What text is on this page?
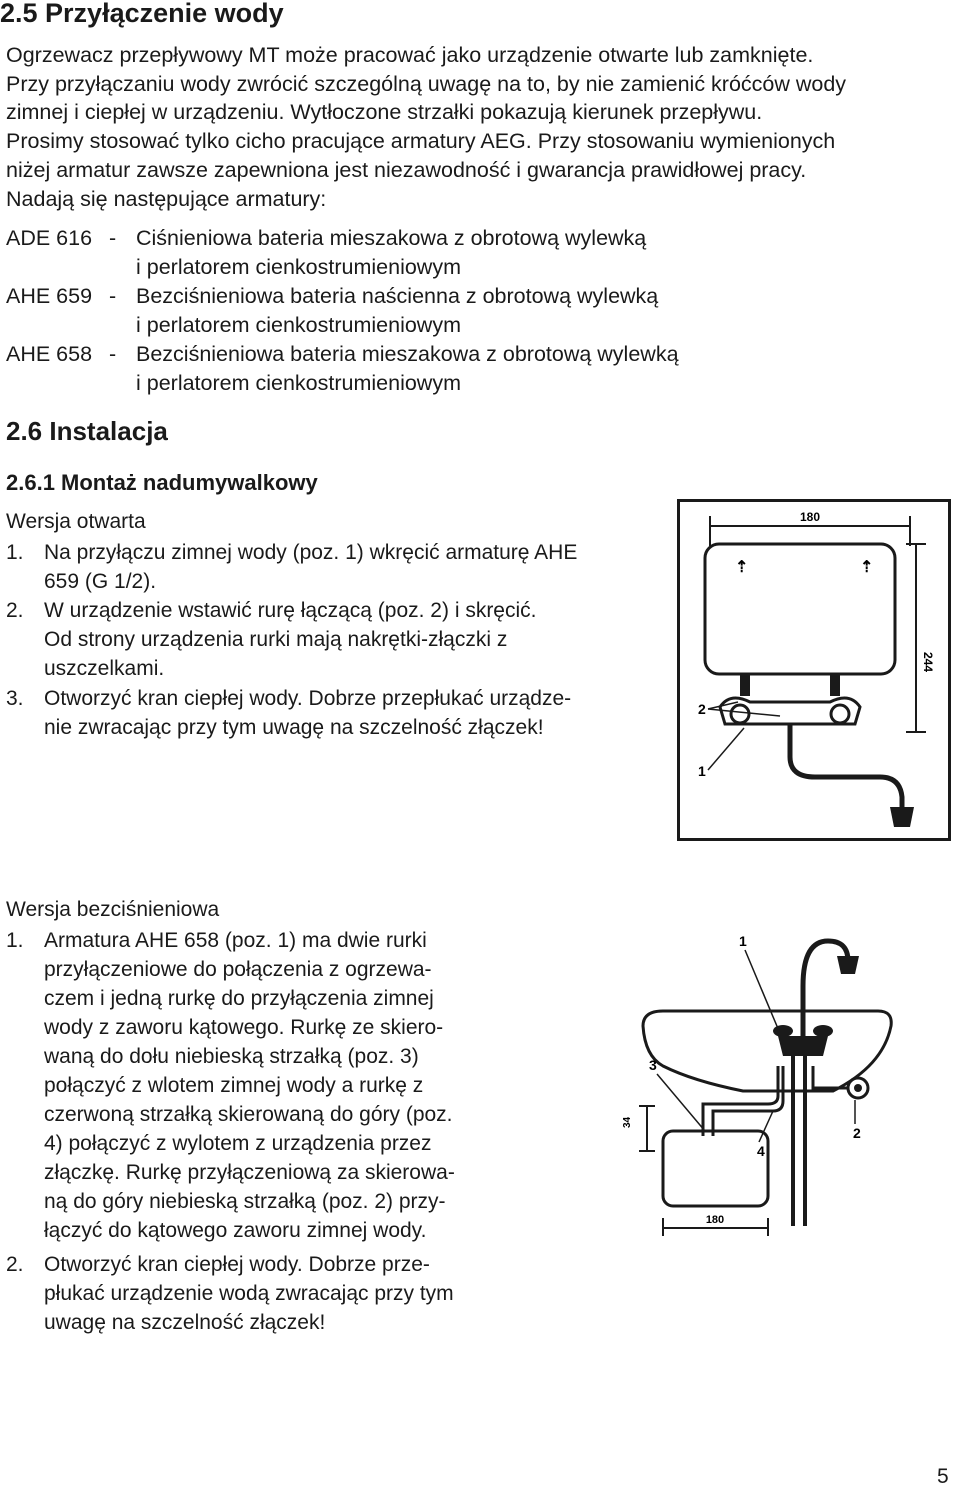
2.5 Przyłączenie wody
Ogrzewacz przepływowy MT może pracować jako urządzenie otwarte lub zamknięte.
Przy przyłączaniu wody zwrócić szczególną uwagę na to, by nie zamienić króćców wody
zimnej i ciepłej w urządzeniu. Wytłoczone strzałki pokazują kierunek przepływu.
Prosimy stosować tylko cicho pracujące armatury AEG. Przy stosowaniu wymienionych
niżej armatur zawsze zapewniona jest niezawodność i gwarancja prawidłowej pracy.
Nadają się następujące armatury:
ADE 616 - Ciśnieniowa bateria mieszakowa z obrotową wylewką
i perlatorem cienkostrumieniowym
AHE 659 - Bezciśnieniowa bateria naścienna z obrotową wylewką
i perlatorem cienkostrumieniowym
AHE 658 - Bezciśnieniowa bateria mieszakowa z obrotową wylewką
i perlatorem cienkostrumieniowym
2.6 Instalacja
2.6.1 Montaż nadumywalkowy
Wersja otwarta
1. Na przyłączu zimnej wody (poz. 1) wkręcić armaturę AHE
659 (G 1/2).
2. W urządzenie wstawić rurę łączącą (poz. 2) i skręcić.
Od strony urządzenia rurki mają nakrętki-złączki z
uszczelkami.
3. Otworzyć kran ciepłej wody. Dobrze przepłukać urządze-
nie zwracając przy tym uwagę na szczelność złączek!
180
⇡	⇡
244
2
1
Wersja bezciśnieniowa
1. Armatura AHE 658 (poz. 1) ma dwie rurki
przyłączeniowe do połączenia z ogrzewa-
czem i jedną rurkę do przyłączenia zimnej
wody z zaworu kątowego. Rurkę ze skiero-
waną do dołu niebieską strzałką (poz. 3)
połączyć z wlotem zimnej wody a rurkę z
czerwoną strzałką skierowaną do góry (poz.
4) połączyć z wylotem z urządzenia przez
złączkę. Rurkę przyłączeniową za skierowa-
ną do góry niebieską strzałką (poz. 2) przy-
łączyć do kątowego zaworu zimnej wody.
2. Otworzyć kran ciepłej wody. Dobrze prze-
płukać urządzenie wodą zwracając przy tym
uwagę na szczelność złączek!
180
34
1
3
4
2
5
